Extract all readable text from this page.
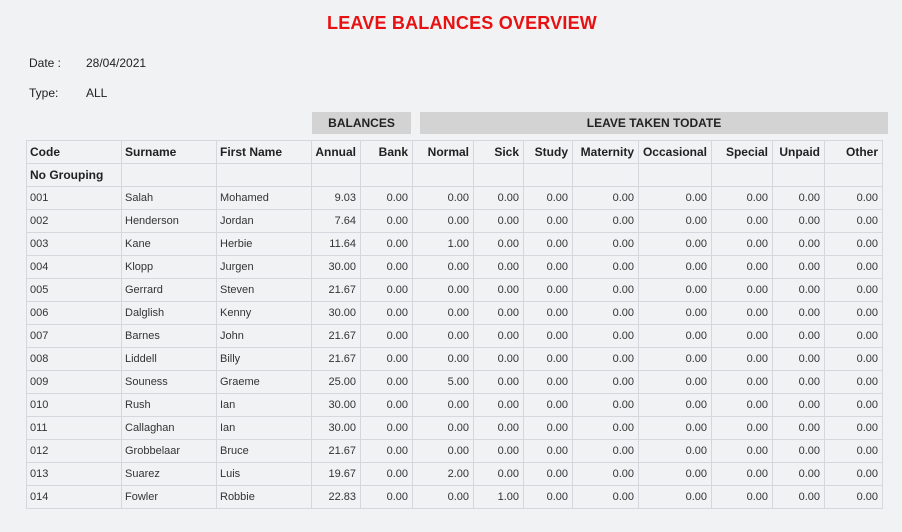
LEAVE BALANCES OVERVIEW
Date : 28/04/2021
Type: ALL
BALANCES	LEAVE TAKEN TODATE
Code	Surname	First Name	Annual	Bank	Normal	Sick	Study	Maternity	Occasional	Special	Unpaid	Other
No Grouping												
001	Salah	Mohamed	9.03	0.00	0.00	0.00	0.00	0.00	0.00	0.00	0.00	0.00
002	Henderson	Jordan	7.64	0.00	0.00	0.00	0.00	0.00	0.00	0.00	0.00	0.00
003	Kane	Herbie	11.64	0.00	1.00	0.00	0.00	0.00	0.00	0.00	0.00	0.00
004	Klopp	Jurgen	30.00	0.00	0.00	0.00	0.00	0.00	0.00	0.00	0.00	0.00
005	Gerrard	Steven	21.67	0.00	0.00	0.00	0.00	0.00	0.00	0.00	0.00	0.00
006	Dalglish	Kenny	30.00	0.00	0.00	0.00	0.00	0.00	0.00	0.00	0.00	0.00
007	Barnes	John	21.67	0.00	0.00	0.00	0.00	0.00	0.00	0.00	0.00	0.00
008	Liddell	Billy	21.67	0.00	0.00	0.00	0.00	0.00	0.00	0.00	0.00	0.00
009	Souness	Graeme	25.00	0.00	5.00	0.00	0.00	0.00	0.00	0.00	0.00	0.00
010	Rush	Ian	30.00	0.00	0.00	0.00	0.00	0.00	0.00	0.00	0.00	0.00
011	Callaghan	Ian	30.00	0.00	0.00	0.00	0.00	0.00	0.00	0.00	0.00	0.00
012	Grobbelaar	Bruce	21.67	0.00	0.00	0.00	0.00	0.00	0.00	0.00	0.00	0.00
013	Suarez	Luis	19.67	0.00	2.00	0.00	0.00	0.00	0.00	0.00	0.00	0.00
014	Fowler	Robbie	22.83	0.00	0.00	1.00	0.00	0.00	0.00	0.00	0.00	0.00
